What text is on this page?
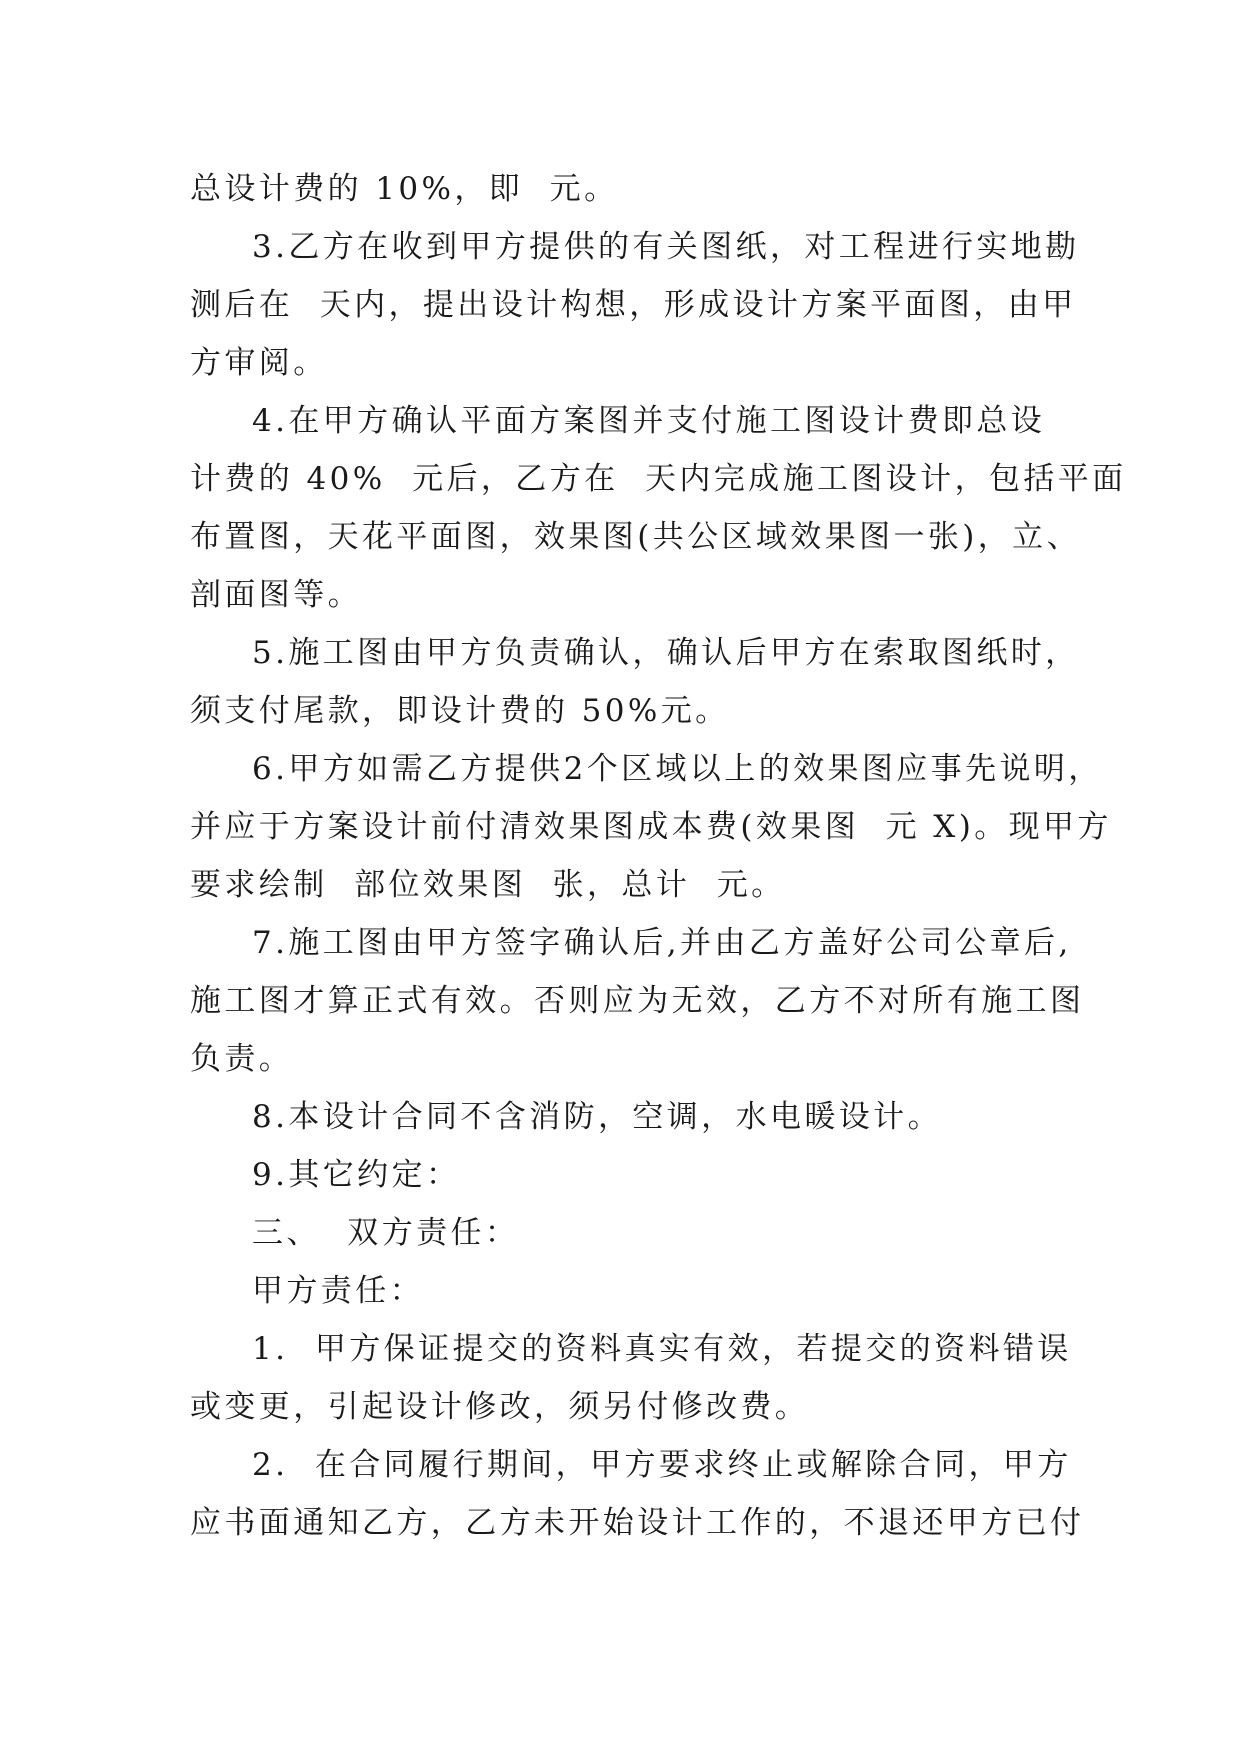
总设计费的 10%，即  元。
3.乙方在收到甲方提供的有关图纸，对工程进行实地勘
测后在  天内，提出设计构想，形成设计方案平面图，由甲
方审阅。
4.在甲方确认平面方案图并支付施工图设计费即总设
计费的 40%  元后，乙方在  天内完成施工图设计，包括平面
布置图，天花平面图，效果图(共公区域效果图一张)，立、
剖面图等。
5.施工图由甲方负责确认，确认后甲方在索取图纸时，
须支付尾款，即设计费的 50%元。
6.甲方如需乙方提供2个区域以上的效果图应事先说明，
并应于方案设计前付清效果图成本费(效果图  元 X)。现甲方
要求绘制  部位效果图  张，总计  元。
7.施工图由甲方签字确认后,并由乙方盖好公司公章后,
施工图才算正式有效。否则应为无效，乙方不对所有施工图
负责。
8.本设计合同不含消防，空调，水电暖设计。
9.其它约定：
三、  双方责任：
甲方责任：
1.  甲方保证提交的资料真实有效，若提交的资料错误
或变更，引起设计修改，须另付修改费。
2.  在合同履行期间，甲方要求终止或解除合同，甲方
应书面通知乙方，乙方未开始设计工作的，不退还甲方已付
